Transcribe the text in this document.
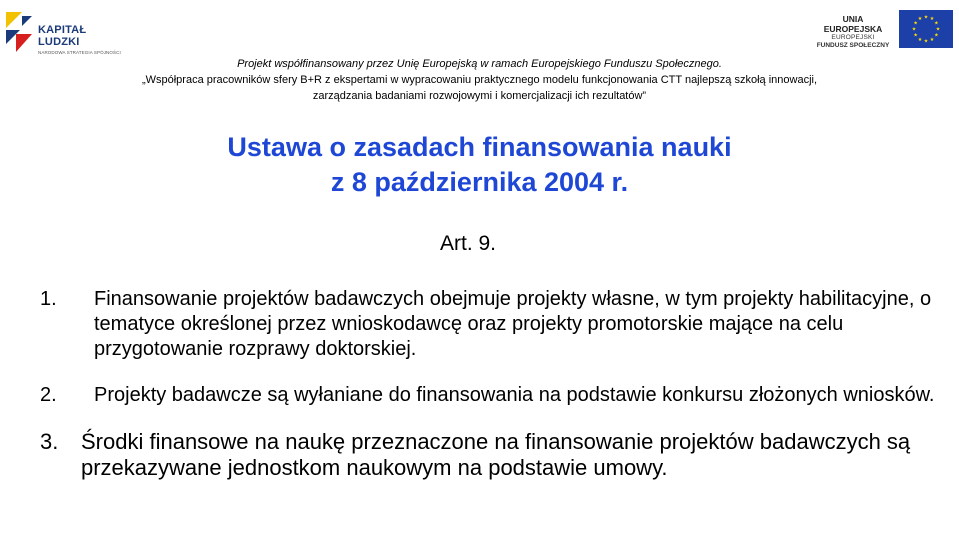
KAPITAŁ LUDZKI
NARODOWA STRATEGIA SPÓJNOŚCI
UNIA EUROPEJSKA
EUROPEJSKI
FUNDUSZ SPOŁECZNY
★ ★
★
★
★
★
★
★
★
★
★
★
Projekt współfinansowany przez Unię Europejską w ramach Europejskiego Funduszu Społecznego.
„Współpraca pracowników sfery B+R z ekspertami w wypracowaniu praktycznego modelu funkcjonowania CTT najlepszą szkołą innowacji,
zarządzania badaniami rozwojowymi i komercjalizacji ich rezultatów”
Ustawa o zasadach finansowania nauki
z 8 października 2004 r.
Art. 9.
1. Finansowanie projektów badawczych obejmuje projekty własne, w tym projekty habilitacyjne, o tematyce określonej przez wnioskodawcę oraz projekty promotorskie mające na celu przygotowanie rozprawy doktorskiej.
2. Projekty badawcze są wyłaniane do finansowania na podstawie konkursu złożonych wniosków.
3. Środki finansowe na naukę przeznaczone na finansowanie projektów badawczych są przekazywane jednostkom naukowym na podstawie umowy.
